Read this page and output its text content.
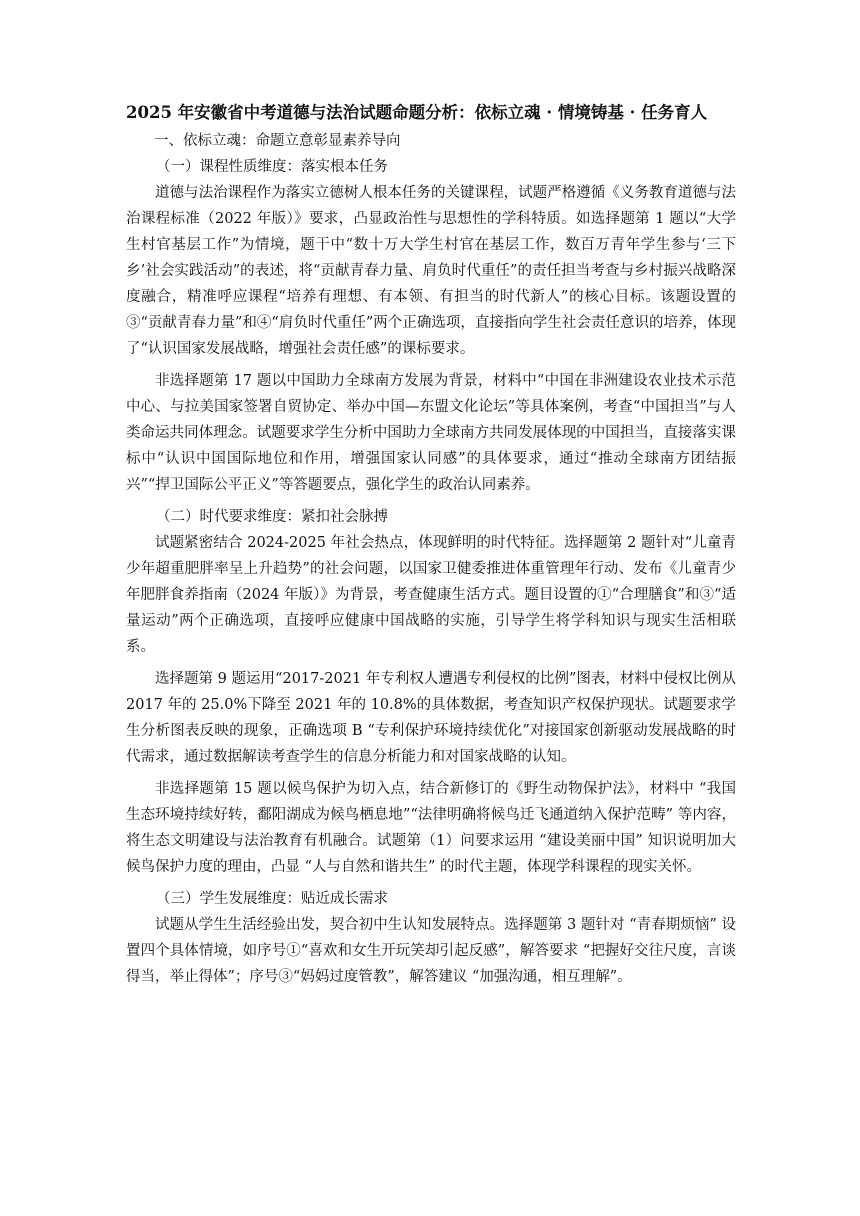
2025 年安徽省中考道德与法治试题命题分析：依标立魂 · 情境铸基 · 任务育人
一、依标立魂：命题立意彰显素养导向
（一）课程性质维度：落实根本任务

道德与法治课程作为落实立德树人根本任务的关键课程，试题严格遵循《义务教育道德与法治课程标准（2022 年版）》要求，凸显政治性与思想性的学科特质。如选择题第 1 题以“大学生村官基层工作”为情境，题干中“数十万大学生村官在基层工作，数百万青年学生参与‘三下乡’社会实践活动”的表述，将“贡献青春力量、肩负时代重任”的责任担当考查与乡村振兴战略深度融合，精准呼应课程“培养有理想、有本领、有担当的时代新人”的核心目标。该题设置的③“贡献青春力量”和④“肩负时代重任”两个正确选项，直接指向学生社会责任意识的培养，体现了“认识国家发展战略，增强社会责任感”的课标要求。

非选择题第 17 题以中国助力全球南方发展为背景，材料中“中国在非洲建设农业技术示范中心、与拉美国家签署自贸协定、举办中国—东盟文化论坛”等具体案例，考查“中国担当”与人类命运共同体理念。试题要求学生分析中国助力全球南方共同发展体现的中国担当，直接落实课标中“认识中国国际地位和作用，增强国家认同感”的具体要求，通过“推动全球南方团结振兴”“捍卫国际公平正义”等答题要点，强化学生的政治认同素养。

（二）时代要求维度：紧扣社会脉搏

试题紧密结合 2024-2025 年社会热点，体现鲜明的时代特征。选择题第 2 题针对“儿童青少年超重肥胖率呈上升趋势”的社会问题，以国家卫健委推进体重管理年行动、发布《儿童青少年肥胖食养指南（2024 年版）》为背景，考查健康生活方式。题目设置的①“合理膳食”和③“适量运动”两个正确选项，直接呼应健康中国战略的实施，引导学生将学科知识与现实生活相联系。

选择题第 9 题运用“2017-2021 年专利权人遭遇专利侵权的比例”图表，材料中侵权比例从 2017 年的 25.0%下降至 2021 年的 10.8%的具体数据，考查知识产权保护现状。试题要求学生分析图表反映的现象，正确选项 B “专利保护环境持续优化”对接国家创新驱动发展战略的时代需求，通过数据解读考查学生的信息分析能力和对国家战略的认知。

非选择题第 15 题以候鸟保护为切入点，结合新修订的《野生动物保护法》，材料中 “我国生态环境持续好转，鄱阳湖成为候鸟栖息地”“法律明确将候鸟迁飞通道纳入保护范畴” 等内容，将生态文明建设与法治教育有机融合。试题第（1）问要求运用 “建设美丽中国” 知识说明加大候鸟保护力度的理由，凸显 “人与自然和谐共生” 的时代主题，体现学科课程的现实关怀。

（三）学生发展维度：贴近成长需求

试题从学生生活经验出发，契合初中生认知发展特点。选择题第 3 题针对 “青春期烦恼” 设置四个具体情境，如序号①“喜欢和女生开玩笑却引起反感”，解答要求 “把握好交往尺度，言谈得当，举止得体”；序号③“妈妈过度管教”，解答建议 “加强沟通，相互理解”。
